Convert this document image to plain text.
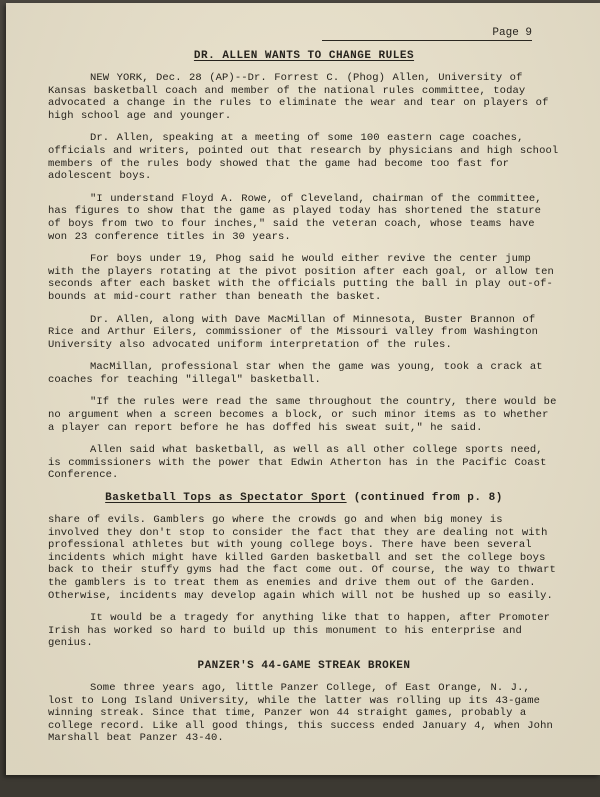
Page 9
DR. ALLEN WANTS TO CHANGE RULES

NEW YORK, Dec. 28 (AP)--Dr. Forrest C. (Phog) Allen, University of Kansas basketball coach and member of the national rules committee, today advocated a change in the rules to eliminate the wear and tear on players of high school age and younger.

Dr. Allen, speaking at a meeting of some 100 eastern cage coaches, officials and writers, pointed out that research by physicians and high school members of the rules body showed that the game had become too fast for adolescent boys.

"I understand Floyd A. Rowe, of Cleveland, chairman of the committee, has figures to show that the game as played today has shortened the stature of boys from two to four inches," said the veteran coach, whose teams have won 23 conference titles in 30 years.

For boys under 19, Phog said he would either revive the center jump with the players rotating at the pivot position after each goal, or allow ten seconds after each basket with the officials putting the ball in play out-of-bounds at mid-court rather than beneath the basket.

Dr. Allen, along with Dave MacMillan of Minnesota, Buster Brannon of Rice and Arthur Eilers, commissioner of the Missouri valley from Washington University also advocated uniform interpretation of the rules.

MacMillan, professional star when the game was young, took a crack at coaches for teaching "illegal" basketball.

"If the rules were read the same throughout the country, there would be no argument when a screen becomes a block, or such minor items as to whether a player can report before he has doffed his sweat suit," he said.

Allen said what basketball, as well as all other college sports need, is commissioners with the power that Edwin Atherton has in the Pacific Coast Conference.

Basketball Tops as Spectator Sport (continued from p. 8)

share of evils. Gamblers go where the crowds go and when big money is involved they don't stop to consider the fact that they are dealing not with professional athletes but with young college boys. There have been several incidents which might have killed Garden basketball and set the college boys back to their stuffy gyms had the fact come out. Of course, the way to thwart the gamblers is to treat them as enemies and drive them out of the Garden. Otherwise, incidents may develop again which will not be hushed up so easily.

It would be a tragedy for anything like that to happen, after Promoter Irish has worked so hard to build up this monument to his enterprise and genius.

PANZER'S 44-GAME STREAK BROKEN

Some three years ago, little Panzer College, of East Orange, N. J., lost to Long Island University, while the latter was rolling up its 43-game winning streak. Since that time, Panzer won 44 straight games, probably a college record. Like all good things, this success ended January 4, when John Marshall beat Panzer 43-40.
